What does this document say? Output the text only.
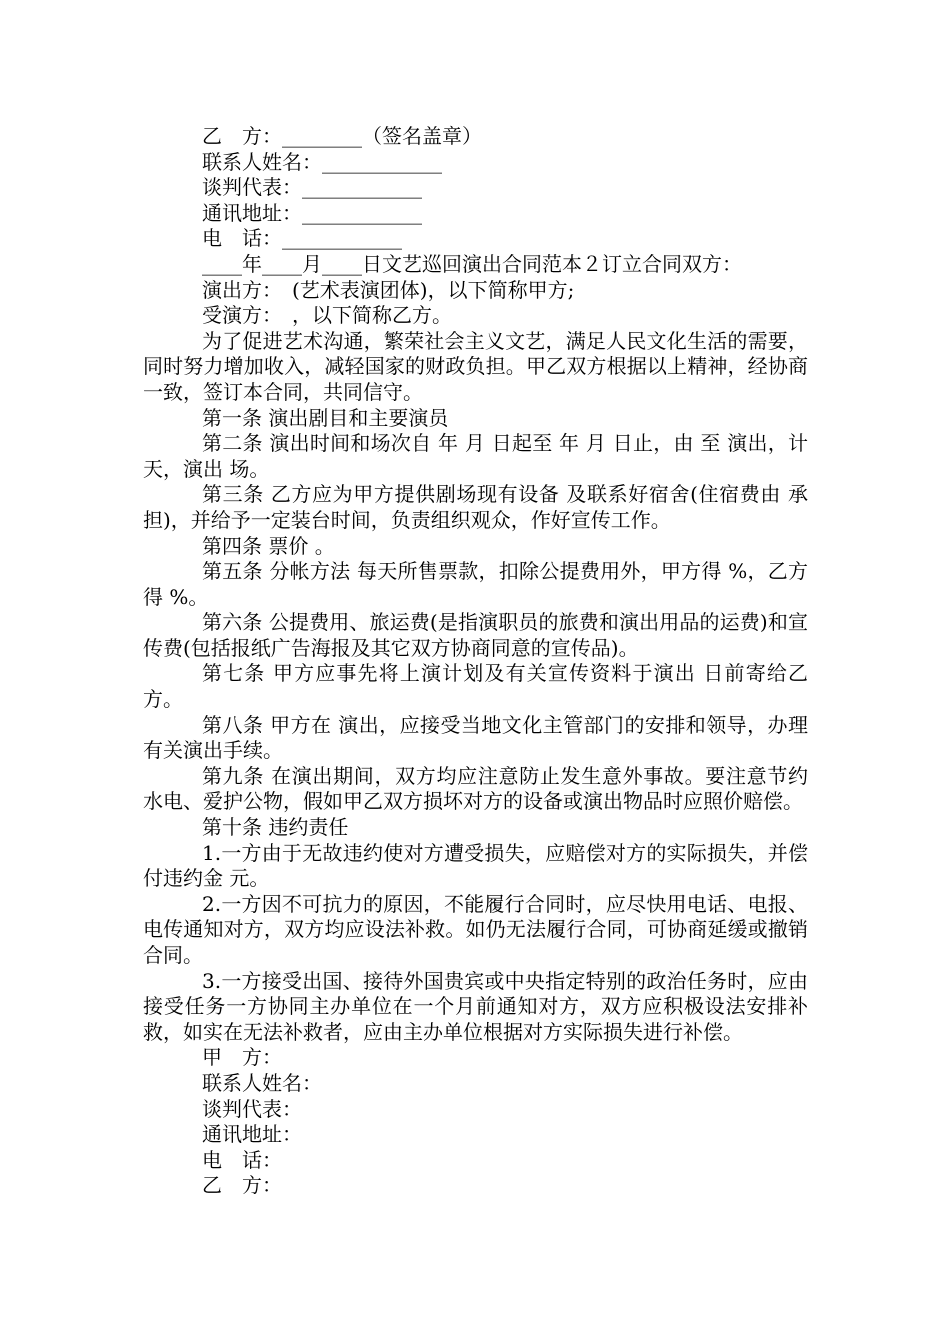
乙　方：________（签名盖章）
联系人姓名：____________
谈判代表：____________
通讯地址：____________
电　话：____________
____年____月____日文艺巡回演出合同范本２订立合同双方：
演出方：　(艺术表演团体)，以下简称甲方;
受演方：　，以下简称乙方。

为了促进艺术沟通，繁荣社会主义文艺，满足人民文化生活的需要，同时努力增加收入，减轻国家的财政负担。甲乙双方根据以上精神，经协商一致，签订本合同，共同信守。

第一条 演出剧目和主要演员

第二条 演出时间和场次自 年 月 日起至 年 月 日止，由 至 演出，计 天，演出 场。

第三条 乙方应为甲方提供剧场现有设备 及联系好宿舍(住宿费由 承担)，并给予一定装台时间，负责组织观众，作好宣传工作。

第四条 票价 。

第五条 分帐方法 每天所售票款，扣除公提费用外，甲方得 %，乙方得 %。

第六条 公提费用、旅运费(是指演职员的旅费和演出用品的运费)和宣传费(包括报纸广告海报及其它双方协商同意的宣传品)。

第七条 甲方应事先将上演计划及有关宣传资料于演出 日前寄给乙方。

第八条 甲方在 演出，应接受当地文化主管部门的安排和领导，办理有关演出手续。

第九条 在演出期间，双方均应注意防止发生意外事故。要注意节约水电、爱护公物，假如甲乙双方损坏对方的设备或演出物品时应照价赔偿。

第十条 违约责任

1.一方由于无故违约使对方遭受损失，应赔偿对方的实际损失，并偿付违约金 元。

2.一方因不可抗力的原因，不能履行合同时，应尽快用电话、电报、电传通知对方，双方均应设法补救。如仍无法履行合同，可协商延缓或撤销合同。

3.一方接受出国、接待外国贵宾或中央指定特别的政治任务时，应由接受任务一方协同主办单位在一个月前通知对方，双方应积极设法安排补救，如实在无法补救者，应由主办单位根据对方实际损失进行补偿。

甲　方：
联系人姓名：
谈判代表：
通讯地址：
电　话：
乙　方：
